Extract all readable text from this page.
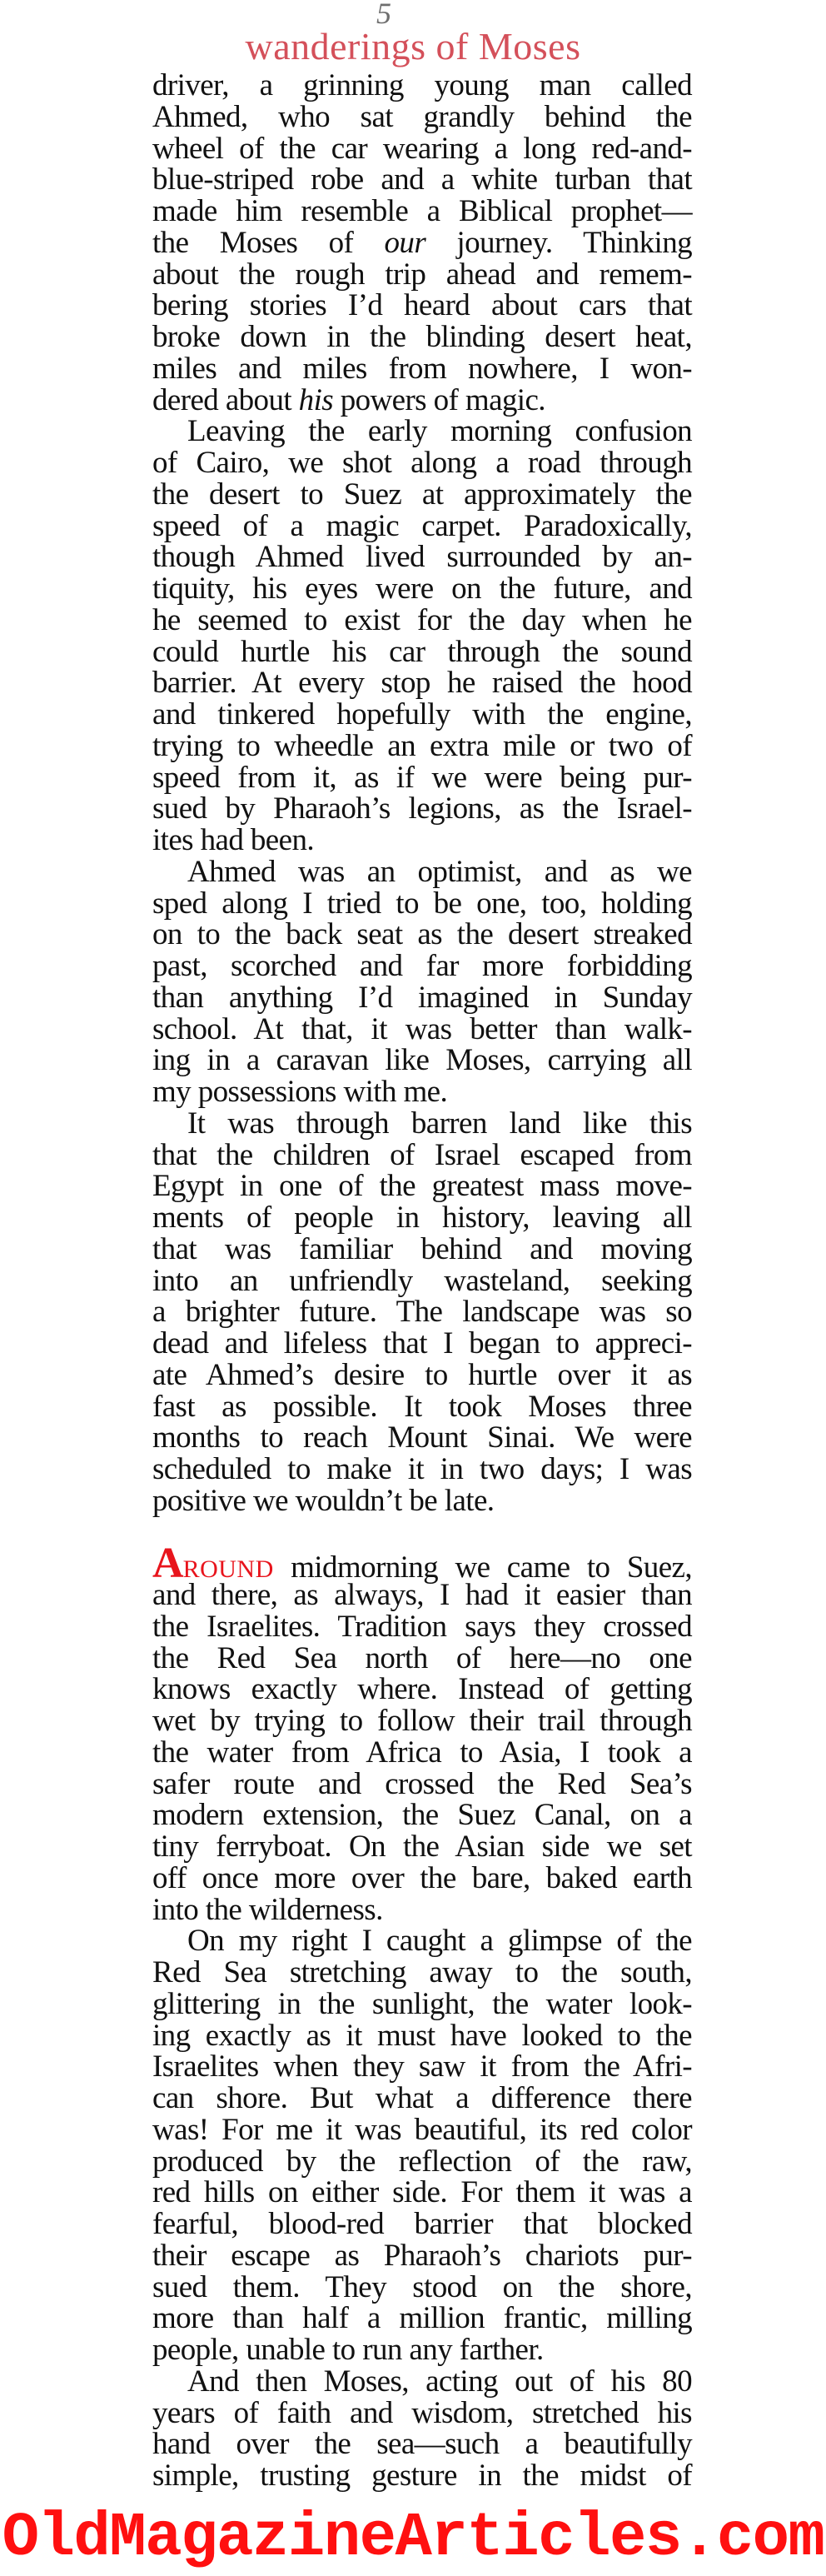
5
wanderings of Moses
driver, a grinning young man called
Ahmed, who sat grandly behind the
wheel of the car wearing a long red-and-
blue-striped robe and a white turban that
made him resemble a Biblical prophet—
the Moses of our journey. Thinking
about the rough trip ahead and remem-
bering stories I’d heard about cars that
broke down in the blinding desert heat,
miles and miles from nowhere, I won-
dered about his powers of magic.
Leaving the early morning confusion
of Cairo, we shot along a road through
the desert to Suez at approximately the
speed of a magic carpet. Paradoxically,
though Ahmed lived surrounded by an-
tiquity, his eyes were on the future, and
he seemed to exist for the day when he
could hurtle his car through the sound
barrier. At every stop he raised the hood
and tinkered hopefully with the engine,
trying to wheedle an extra mile or two of
speed from it, as if we were being pur-
sued by Pharaoh’s legions, as the Israel-
ites had been.
Ahmed was an optimist, and as we
sped along I tried to be one, too, holding
on to the back seat as the desert streaked
past, scorched and far more forbidding
than anything I’d imagined in Sunday
school. At that, it was better than walk-
ing in a caravan like Moses, carrying all
my possessions with me.
It was through barren land like this
that the children of Israel escaped from
Egypt in one of the greatest mass move-
ments of people in history, leaving all
that was familiar behind and moving
into an unfriendly wasteland, seeking
a brighter future. The landscape was so
dead and lifeless that I began to appreci-
ate Ahmed’s desire to hurtle over it as
fast as possible. It took Moses three
months to reach Mount Sinai. We were
scheduled to make it in two days; I was
positive we wouldn’t be late.
AROUND midmorning we came to Suez,
and there, as always, I had it easier than
the Israelites. Tradition says they crossed
the Red Sea north of here—no one
knows exactly where. Instead of getting
wet by trying to follow their trail through
the water from Africa to Asia, I took a
safer route and crossed the Red Sea’s
modern extension, the Suez Canal, on a
tiny ferryboat. On the Asian side we set
off once more over the bare, baked earth
into the wilderness.
On my right I caught a glimpse of the
Red Sea stretching away to the south,
glittering in the sunlight, the water look-
ing exactly as it must have looked to the
Israelites when they saw it from the Afri-
can shore. But what a difference there
was! For me it was beautiful, its red color
produced by the reflection of the raw,
red hills on either side. For them it was a
fearful, blood-red barrier that blocked
their escape as Pharaoh’s chariots pur-
sued them. They stood on the shore,
more than half a million frantic, milling
people, unable to run any farther.
And then Moses, acting out of his 80
years of faith and wisdom, stretched his
hand over the sea—such a beautifully
simple, trusting gesture in the midst of
OldMagazineArticles.com
